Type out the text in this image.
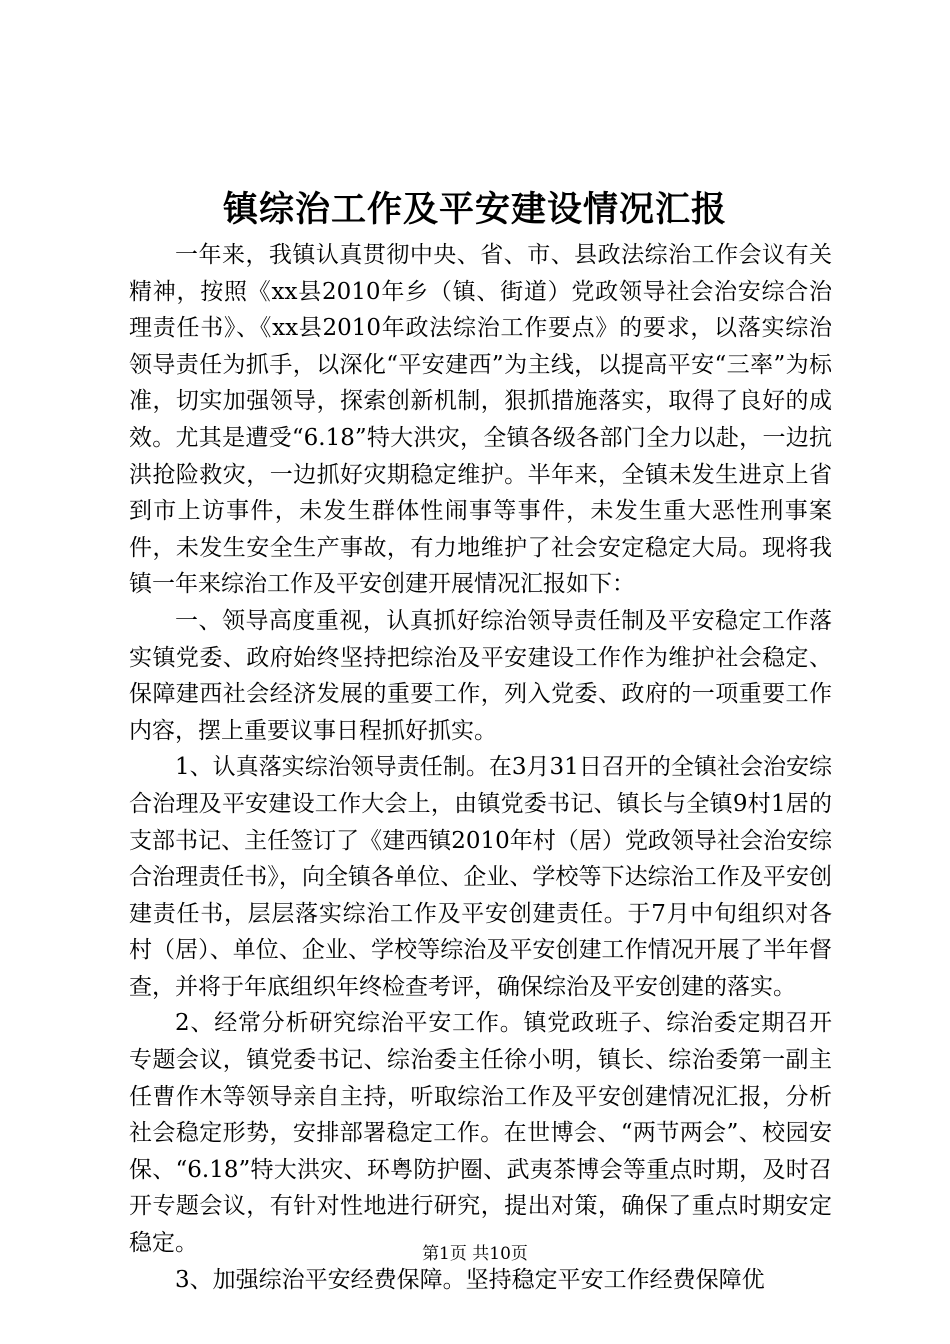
镇综治工作及平安建设情况汇报

一年来，我镇认真贯彻中央、省、市、县政法综治工作会议有关精神，按照《xx县2010年乡（镇、街道）党政领导社会治安综合治理责任书》、《xx县2010年政法综治工作要点》的要求，以落实综治领导责任为抓手，以深化“平安建西”为主线，以提高平安“三率”为标准，切实加强领导，探索创新机制，狠抓措施落实，取得了良好的成效。尤其是遭受“6.18”特大洪灾，全镇各级各部门全力以赴，一边抗洪抢险救灾，一边抓好灾期稳定维护。半年来，全镇未发生进京上省到市上访事件，未发生群体性闹事等事件，未发生重大恶性刑事案件，未发生安全生产事故，有力地维护了社会安定稳定大局。现将我镇一年来综治工作及平安创建开展情况汇报如下：

一、领导高度重视，认真抓好综治领导责任制及平安稳定工作落实镇党委、政府始终坚持把综治及平安建设工作作为维护社会稳定、保障建西社会经济发展的重要工作，列入党委、政府的一项重要工作内容，摆上重要议事日程抓好抓实。

1、认真落实综治领导责任制。在3月31日召开的全镇社会治安综合治理及平安建设工作大会上，由镇党委书记、镇长与全镇9村1居的支部书记、主任签订了《建西镇2010年村（居）党政领导社会治安综合治理责任书》，向全镇各单位、企业、学校等下达综治工作及平安创建责任书，层层落实综治工作及平安创建责任。于7月中旬组织对各村（居）、单位、企业、学校等综治及平安创建工作情况开展了半年督查，并将于年底组织年终检查考评，确保综治及平安创建的落实。

2、经常分析研究综治平安工作。镇党政班子、综治委定期召开专题会议，镇党委书记、综治委主任徐小明，镇长、综治委第一副主任曹作木等领导亲自主持，听取综治工作及平安创建情况汇报，分析社会稳定形势，安排部署稳定工作。在世博会、“两节两会”、校园安保、“6.18”特大洪灾、环粤防护圈、武夷茶博会等重点时期，及时召开专题会议，有针对性地进行研究，提出对策，确保了重点时期安定稳定。

3、加强综治平安经费保障。坚持稳定平安工作经费保障优

第1页 共10页
